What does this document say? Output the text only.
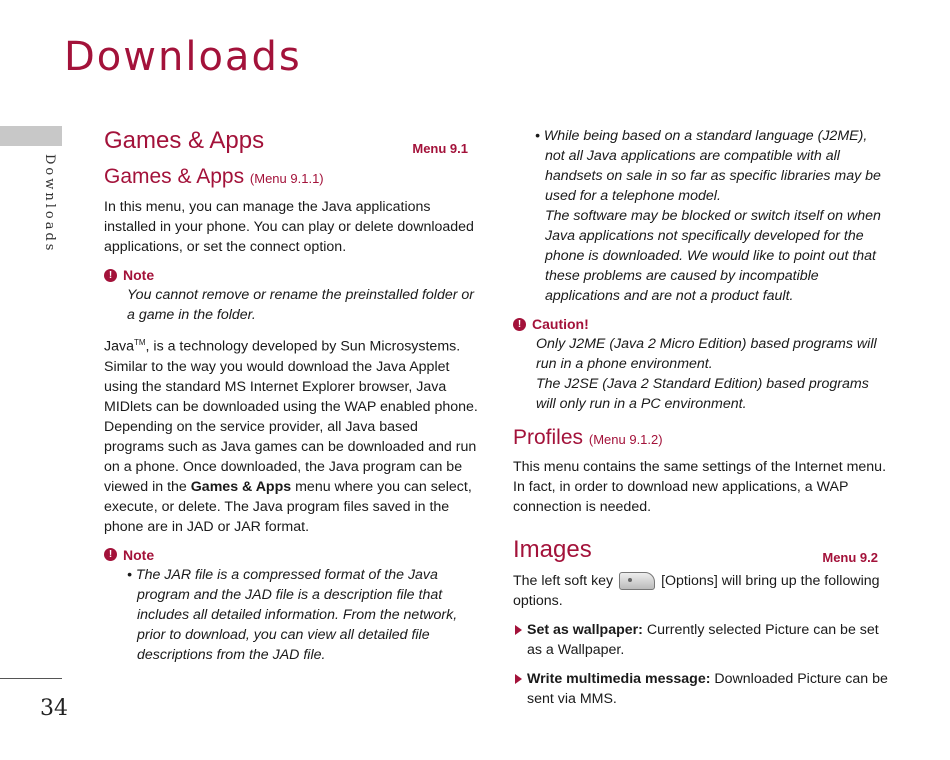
Downloads
Downloads
34
Games & Apps	Menu 9.1
Games & Apps (Menu 9.1.1)

In this menu, you can manage the Java applications installed in your phone. You can play or delete downloaded applications, or set the connect option.

! Note

You cannot remove or rename the preinstalled folder or a game in the folder.

Java™, is a technology developed by Sun Microsystems. Similar to the way you would download the Java Applet using the standard MS Internet Explorer browser, Java MIDlets can be downloaded using the WAP enabled phone. Depending on the service provider, all Java based programs such as Java games can be downloaded and run on a phone. Once downloaded, the Java program can be viewed in the Games & Apps menu where you can select, execute, or delete. The Java program files saved in the phone are in JAD or JAR format.

! Note

• The JAR file is a compressed format of the Java program and the JAD file is a description file that includes all detailed information. From the network, prior to download, you can view all detailed file descriptions from the JAD file.

• While being based on a standard language (J2ME), not all Java applications are compatible with all handsets on sale in so far as specific libraries may be used for a telephone model.

The software may be blocked or switch itself on when Java applications not specifically developed for the phone is downloaded. We would like to point out that these problems are caused by incompatible applications and are not a product fault.

! Caution!

Only J2ME (Java 2 Micro Edition) based programs will run in a phone environment.

The J2SE (Java 2 Standard Edition) based programs will only run in a PC environment.

Profiles (Menu 9.1.2)

This menu contains the same settings of the Internet menu. In fact, in order to download new applications, a WAP connection is needed.

Images	Menu 9.2

The left soft key	[Options] will bring up the following options.

Set as wallpaper: Currently selected Picture can be set as a Wallpaper.

Write multimedia message: Downloaded Picture can be sent via MMS.
